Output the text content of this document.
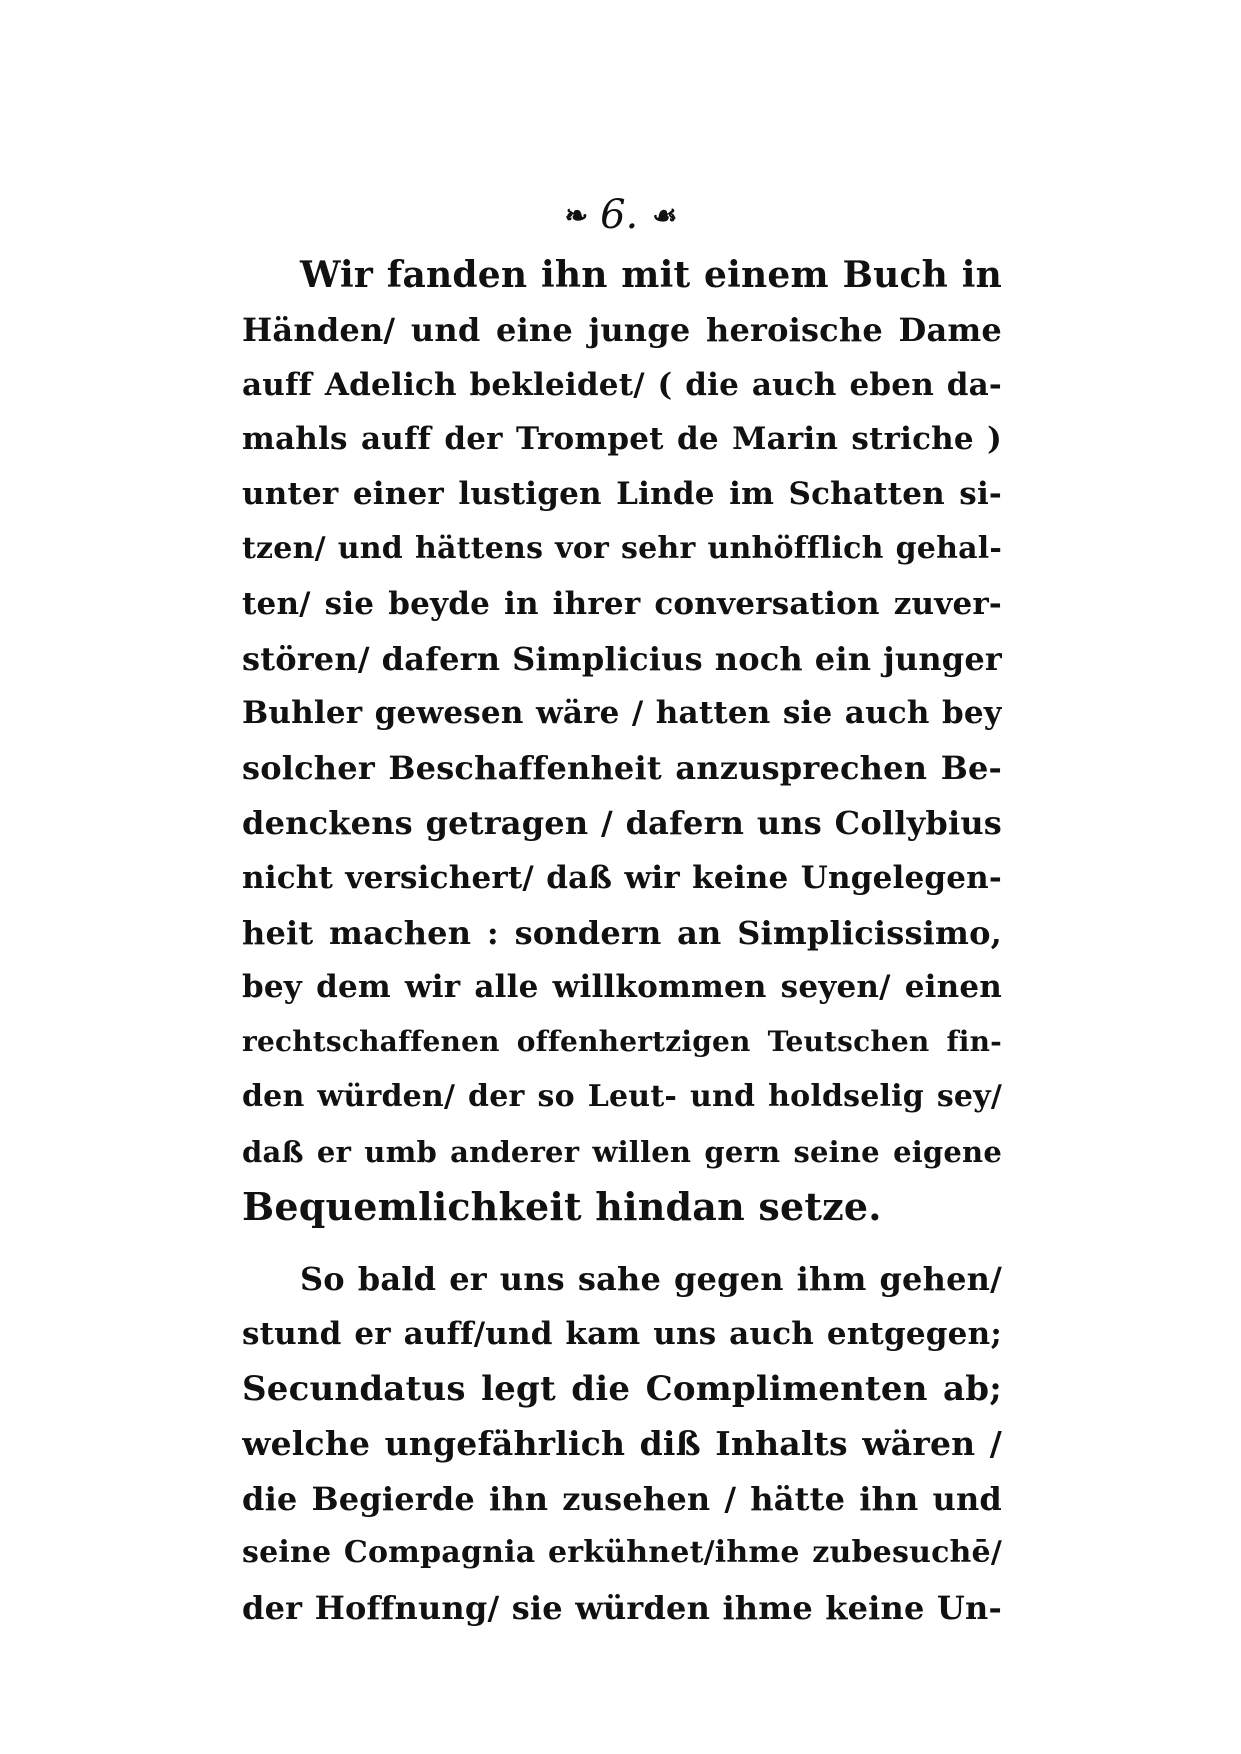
❧ 6. ☙
Wir fanden ihn mit einem Buch in
Händen/ und eine junge heroische Dame
auff Adelich bekleidet/ ( die auch eben da-
mahls auff der Trompet de Marin striche )
unter einer lustigen Linde im Schatten si-
tzen/ und hättens vor sehr unhöfflich gehal-
ten/ sie beyde in ihrer conversation zuver-
stören/ dafern Simplicius noch ein junger
Buhler gewesen wäre / hatten sie auch bey
solcher Beschaffenheit anzusprechen Be-
denckens getragen / dafern uns Collybius
nicht versichert/ daß wir keine Ungelegen-
heit machen : sondern an Simplicissimo,
bey dem wir alle willkommen seyen/ einen
rechtschaffenen offenhertzigen Teutschen fin-
den würden/ der so Leut- und holdselig sey/
daß er umb anderer willen gern seine eigene
Bequemlichkeit hindan setze.
So bald er uns sahe gegen ihm gehen/
stund er auff/und kam uns auch entgegen;
Secundatus legt die Complimenten ab;
welche ungefährlich diß Inhalts wären /
die Begierde ihn zusehen / hätte ihn und
seine Compagnia erkühnet/ihme zubesuchē/
der Hoffnung/ sie würden ihme keine Un-
